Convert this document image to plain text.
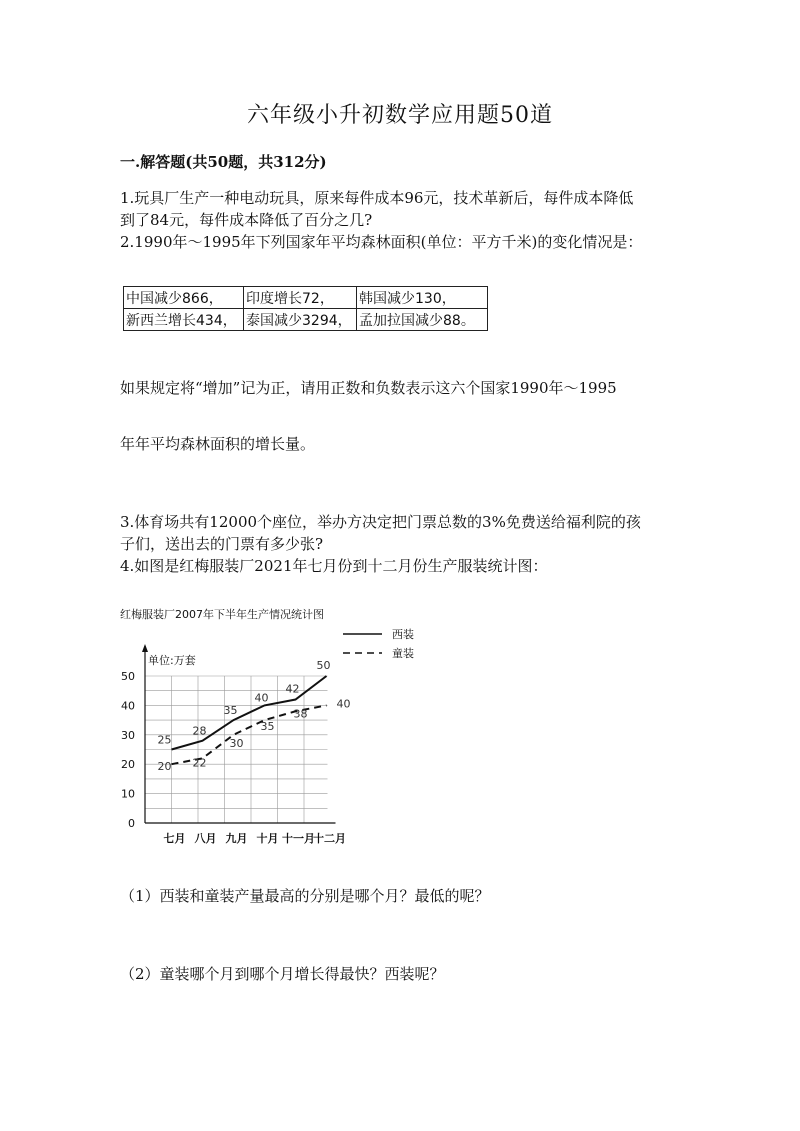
六年级小升初数学应用题50道
一.解答题(共50题，共312分)
1.玩具厂生产一种电动玩具，原来每件成本96元，技术革新后，每件成本降低
到了84元，每件成本降低了百分之几?
2.1990年～1995年下列国家年平均森林面积(单位：平方千米)的变化情况是：
中国减少866，	印度增长72，	韩国减少130，
新西兰增长434，	泰国减少3294，	孟加拉国减少88。
如果规定将“增加”记为正，请用正数和负数表示这六个国家1990年～1995
年年平均森林面积的增长量。
3.体育场共有12000个座位，举办方决定把门票总数的3%免费送给福利院的孩
子们，送出去的门票有多少张?
4.如图是红梅服装厂2021年七月份到十二月份生产服装统计图：
红梅服装厂2007年下半年生产情况统计图
单位:万套
0
10
20
30
40
50
七月 八月 九月 十月 十一月
十二月
西装
童装
25
28
35
40
42
50
20 22
30
35
38
40
（1）西装和童装产量最高的分别是哪个月？最低的呢？
（2）童装哪个月到哪个月增长得最快？西装呢？
